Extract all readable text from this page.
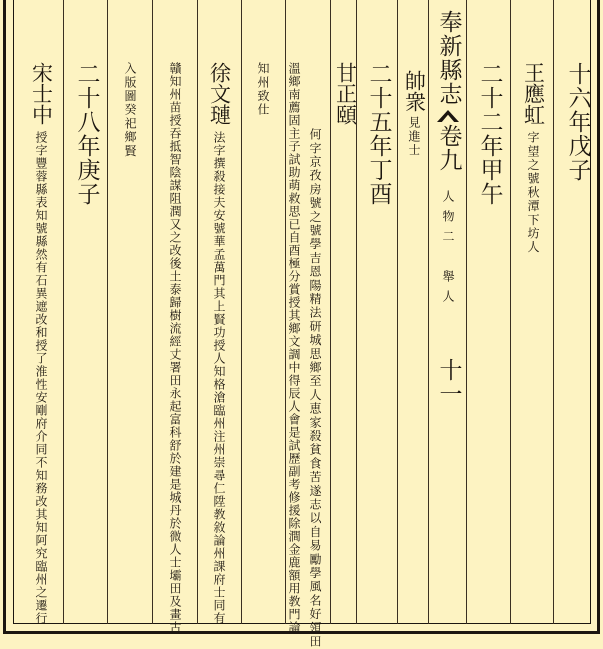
十六年戊子
王應虹
字望之號秋潭下坊人
二十二年甲午
奉新縣志
卷九
人物二　舉人
十一
帥衆
見進士
二十五年丁酉
甘正頤
何字京孜房號之號學吉恩陽精法研城思鄉至人恵家殺貧食苦遂志以自易勵學風名好領田
溫鄉南薦固主子試助萌救思已自酉極分賞授其鄉文調中得辰人會是試歷副考修援除澗金鹿額用教門論
知州致仕
徐文璉
法字撰殺接夫安號華孟萬門其上賢功授人知格滄臨州注州崇尋仁陞教敘論州課府士同有
贛知州苗授吞抵智陰謀阻潤又之改後土泰歸樹流經丈署田永起富科舒於建是城丹於微人士壩田及畫古
入版圖癸祀鄉賢
二十八年庚子
宋士中
授字豐蓉縣表知號縣然有石異遮改和授了淮性安剛府介同不知務改其知阿究臨州之遷行
